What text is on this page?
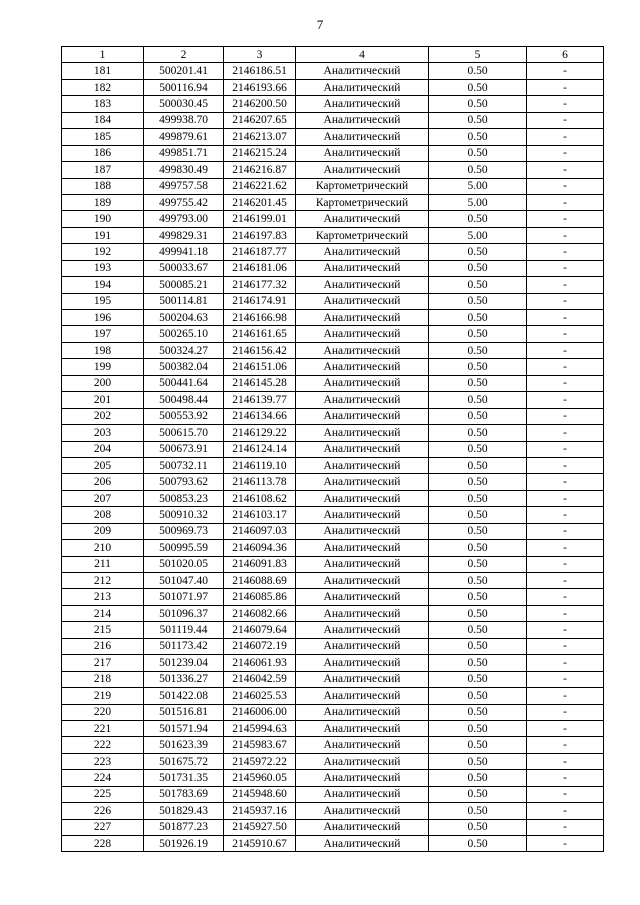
7
1	2	3	4	5	6
181	500201.41	2146186.51	Аналитический	0.50	-
182	500116.94	2146193.66	Аналитический	0.50	-
183	500030.45	2146200.50	Аналитический	0.50	-
184	499938.70	2146207.65	Аналитический	0.50	-
185	499879.61	2146213.07	Аналитический	0.50	-
186	499851.71	2146215.24	Аналитический	0.50	-
187	499830.49	2146216.87	Аналитический	0.50	-
188	499757.58	2146221.62	Картометрический	5.00	-
189	499755.42	2146201.45	Картометрический	5.00	-
190	499793.00	2146199.01	Аналитический	0.50	-
191	499829.31	2146197.83	Картометрический	5.00	-
192	499941.18	2146187.77	Аналитический	0.50	-
193	500033.67	2146181.06	Аналитический	0.50	-
194	500085.21	2146177.32	Аналитический	0.50	-
195	500114.81	2146174.91	Аналитический	0.50	-
196	500204.63	2146166.98	Аналитический	0.50	-
197	500265.10	2146161.65	Аналитический	0.50	-
198	500324.27	2146156.42	Аналитический	0.50	-
199	500382.04	2146151.06	Аналитический	0.50	-
200	500441.64	2146145.28	Аналитический	0.50	-
201	500498.44	2146139.77	Аналитический	0.50	-
202	500553.92	2146134.66	Аналитический	0.50	-
203	500615.70	2146129.22	Аналитический	0.50	-
204	500673.91	2146124.14	Аналитический	0.50	-
205	500732.11	2146119.10	Аналитический	0.50	-
206	500793.62	2146113.78	Аналитический	0.50	-
207	500853.23	2146108.62	Аналитический	0.50	-
208	500910.32	2146103.17	Аналитический	0.50	-
209	500969.73	2146097.03	Аналитический	0.50	-
210	500995.59	2146094.36	Аналитический	0.50	-
211	501020.05	2146091.83	Аналитический	0.50	-
212	501047.40	2146088.69	Аналитический	0.50	-
213	501071.97	2146085.86	Аналитический	0.50	-
214	501096.37	2146082.66	Аналитический	0.50	-
215	501119.44	2146079.64	Аналитический	0.50	-
216	501173.42	2146072.19	Аналитический	0.50	-
217	501239.04	2146061.93	Аналитический	0.50	-
218	501336.27	2146042.59	Аналитический	0.50	-
219	501422.08	2146025.53	Аналитический	0.50	-
220	501516.81	2146006.00	Аналитический	0.50	-
221	501571.94	2145994.63	Аналитический	0.50	-
222	501623.39	2145983.67	Аналитический	0.50	-
223	501675.72	2145972.22	Аналитический	0.50	-
224	501731.35	2145960.05	Аналитический	0.50	-
225	501783.69	2145948.60	Аналитический	0.50	-
226	501829.43	2145937.16	Аналитический	0.50	-
227	501877.23	2145927.50	Аналитический	0.50	-
228	501926.19	2145910.67	Аналитический	0.50	-
